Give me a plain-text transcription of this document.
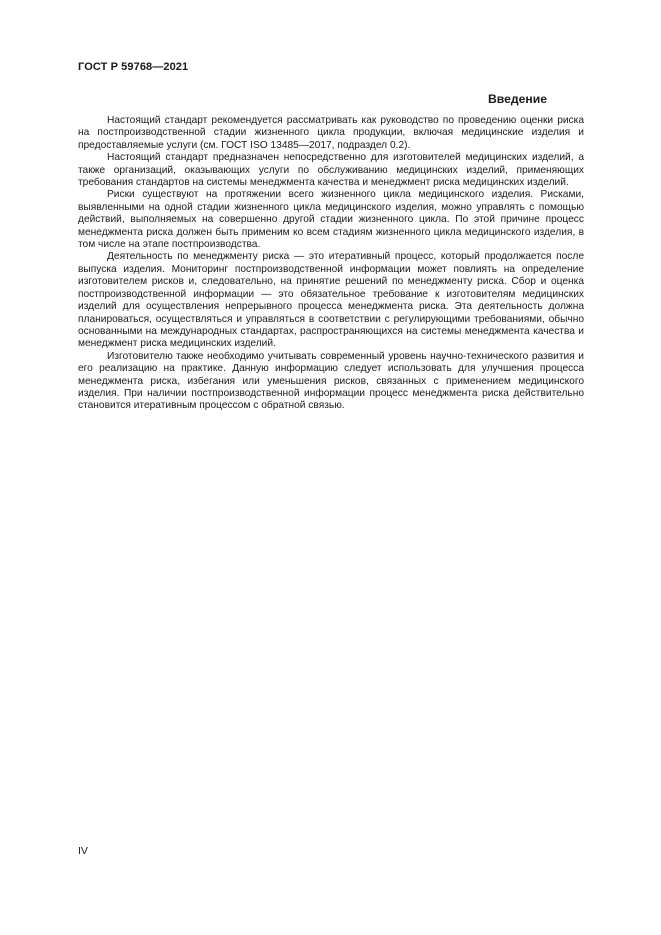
ГОСТ Р 59768—2021
Введение

Настоящий стандарт рекомендуется рассматривать как руководство по проведению оценки риска на постпроизводственной стадии жизненного цикла продукции, включая медицинские изделия и предоставляемые услуги (см. ГОСТ ISO 13485—2017, подраздел 0.2).

Настоящий стандарт предназначен непосредственно для изготовителей медицинских изделий, а также организаций, оказывающих услуги по обслуживанию медицинских изделий, применяющих требования стандартов на системы менеджмента качества и менеджмент риска медицинских изделий.

Риски существуют на протяжении всего жизненного цикла медицинского изделия. Рисками, выявленными на одной стадии жизненного цикла медицинского изделия, можно управлять с помощью действий, выполняемых на совершенно другой стадии жизненного цикла. По этой причине процесс менеджмента риска должен быть применим ко всем стадиям жизненного цикла медицинского изделия, в том числе на этапе постпроизводства.

Деятельность по менеджменту риска — это итеративный процесс, который продолжается после выпуска изделия. Мониторинг постпроизводственной информации может повлиять на определение изготовителем рисков и, следовательно, на принятие решений по менеджменту риска. Сбор и оценка постпроизводственной информации — это обязательное требование к изготовителям медицинских изделий для осуществления непрерывного процесса менеджмента риска. Эта деятельность должна планироваться, осуществляться и управляться в соответствии с регулирующими требованиями, обычно основанными на международных стандартах, распространяющихся на системы менеджмента качества и менеджмент риска медицинских изделий.

Изготовителю также необходимо учитывать современный уровень научно-технического развития и его реализацию на практике. Данную информацию следует использовать для улучшения процесса менеджмента риска, избегания или уменьшения рисков, связанных с применением медицинского изделия. При наличии постпроизводственной информации процесс менеджмента риска действительно становится итеративным процессом с обратной связью.

IV
